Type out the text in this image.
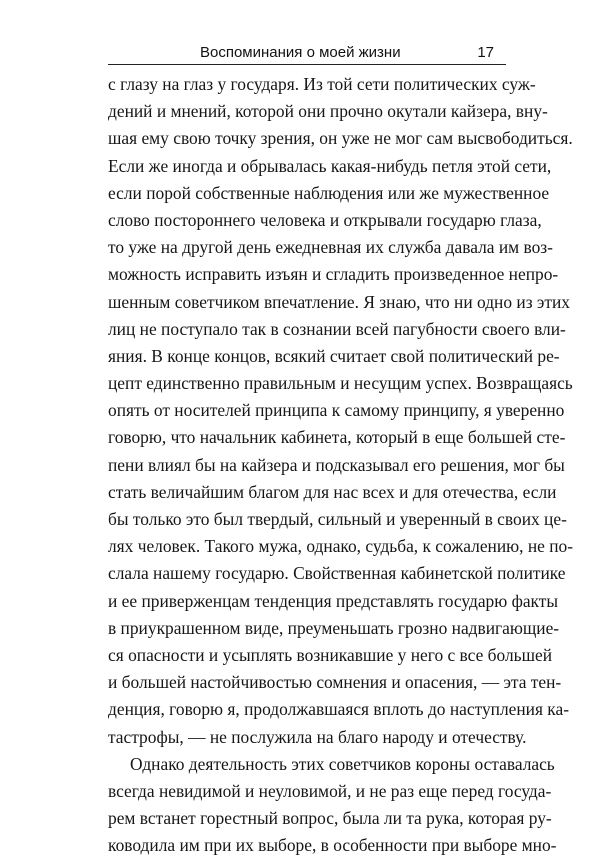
Воспоминания о моей жизни	17
с глазу на глаз у государя. Из той сети политических суж-
дений и мнений, которой они прочно окутали кайзера, вну-
шая ему свою точку зрения, он уже не мог сам высвободиться.
Если же иногда и обрывалась какая-нибудь петля этой сети,
если порой собственные наблюдения или же мужественное
слово постороннего человека и открывали государю глаза,
то уже на другой день ежедневная их служба давала им воз-
можность исправить изъян и сгладить произведенное непро-
шенным советчиком впечатление. Я знаю, что ни одно из этих
лиц не поступало так в сознании всей пагубности своего вли-
яния. В конце концов, всякий считает свой политический ре-
цепт единственно правильным и несущим успех. Возвращаясь
опять от носителей принципа к самому принципу, я уверенно
говорю, что начальник кабинета, который в еще большей сте-
пени влиял бы на кайзера и подсказывал его решения, мог бы
стать величайшим благом для нас всех и для отечества, если
бы только это был твердый, сильный и уверенный в своих це-
лях человек. Такого мужа, однако, судьба, к сожалению, не по-
слала нашему государю. Свойственная кабинетской политике
и ее приверженцам тенденция представлять государю факты
в приукрашенном виде, преуменьшать грозно надвигающие-
ся опасности и усыплять возникавшие у него с все большей
и большей настойчивостью сомнения и опасения, — эта тен-
денция, говорю я, продолжавшаяся вплоть до наступления ка-
тастрофы, — не послужила на благо народу и отечеству.
Однако деятельность этих советчиков короны оставалась
всегда невидимой и неуловимой, и не раз еще перед госуда-
рем встанет горестный вопрос, была ли та рука, которая ру-
ководила им при их выборе, в особенности при выборе мно-
